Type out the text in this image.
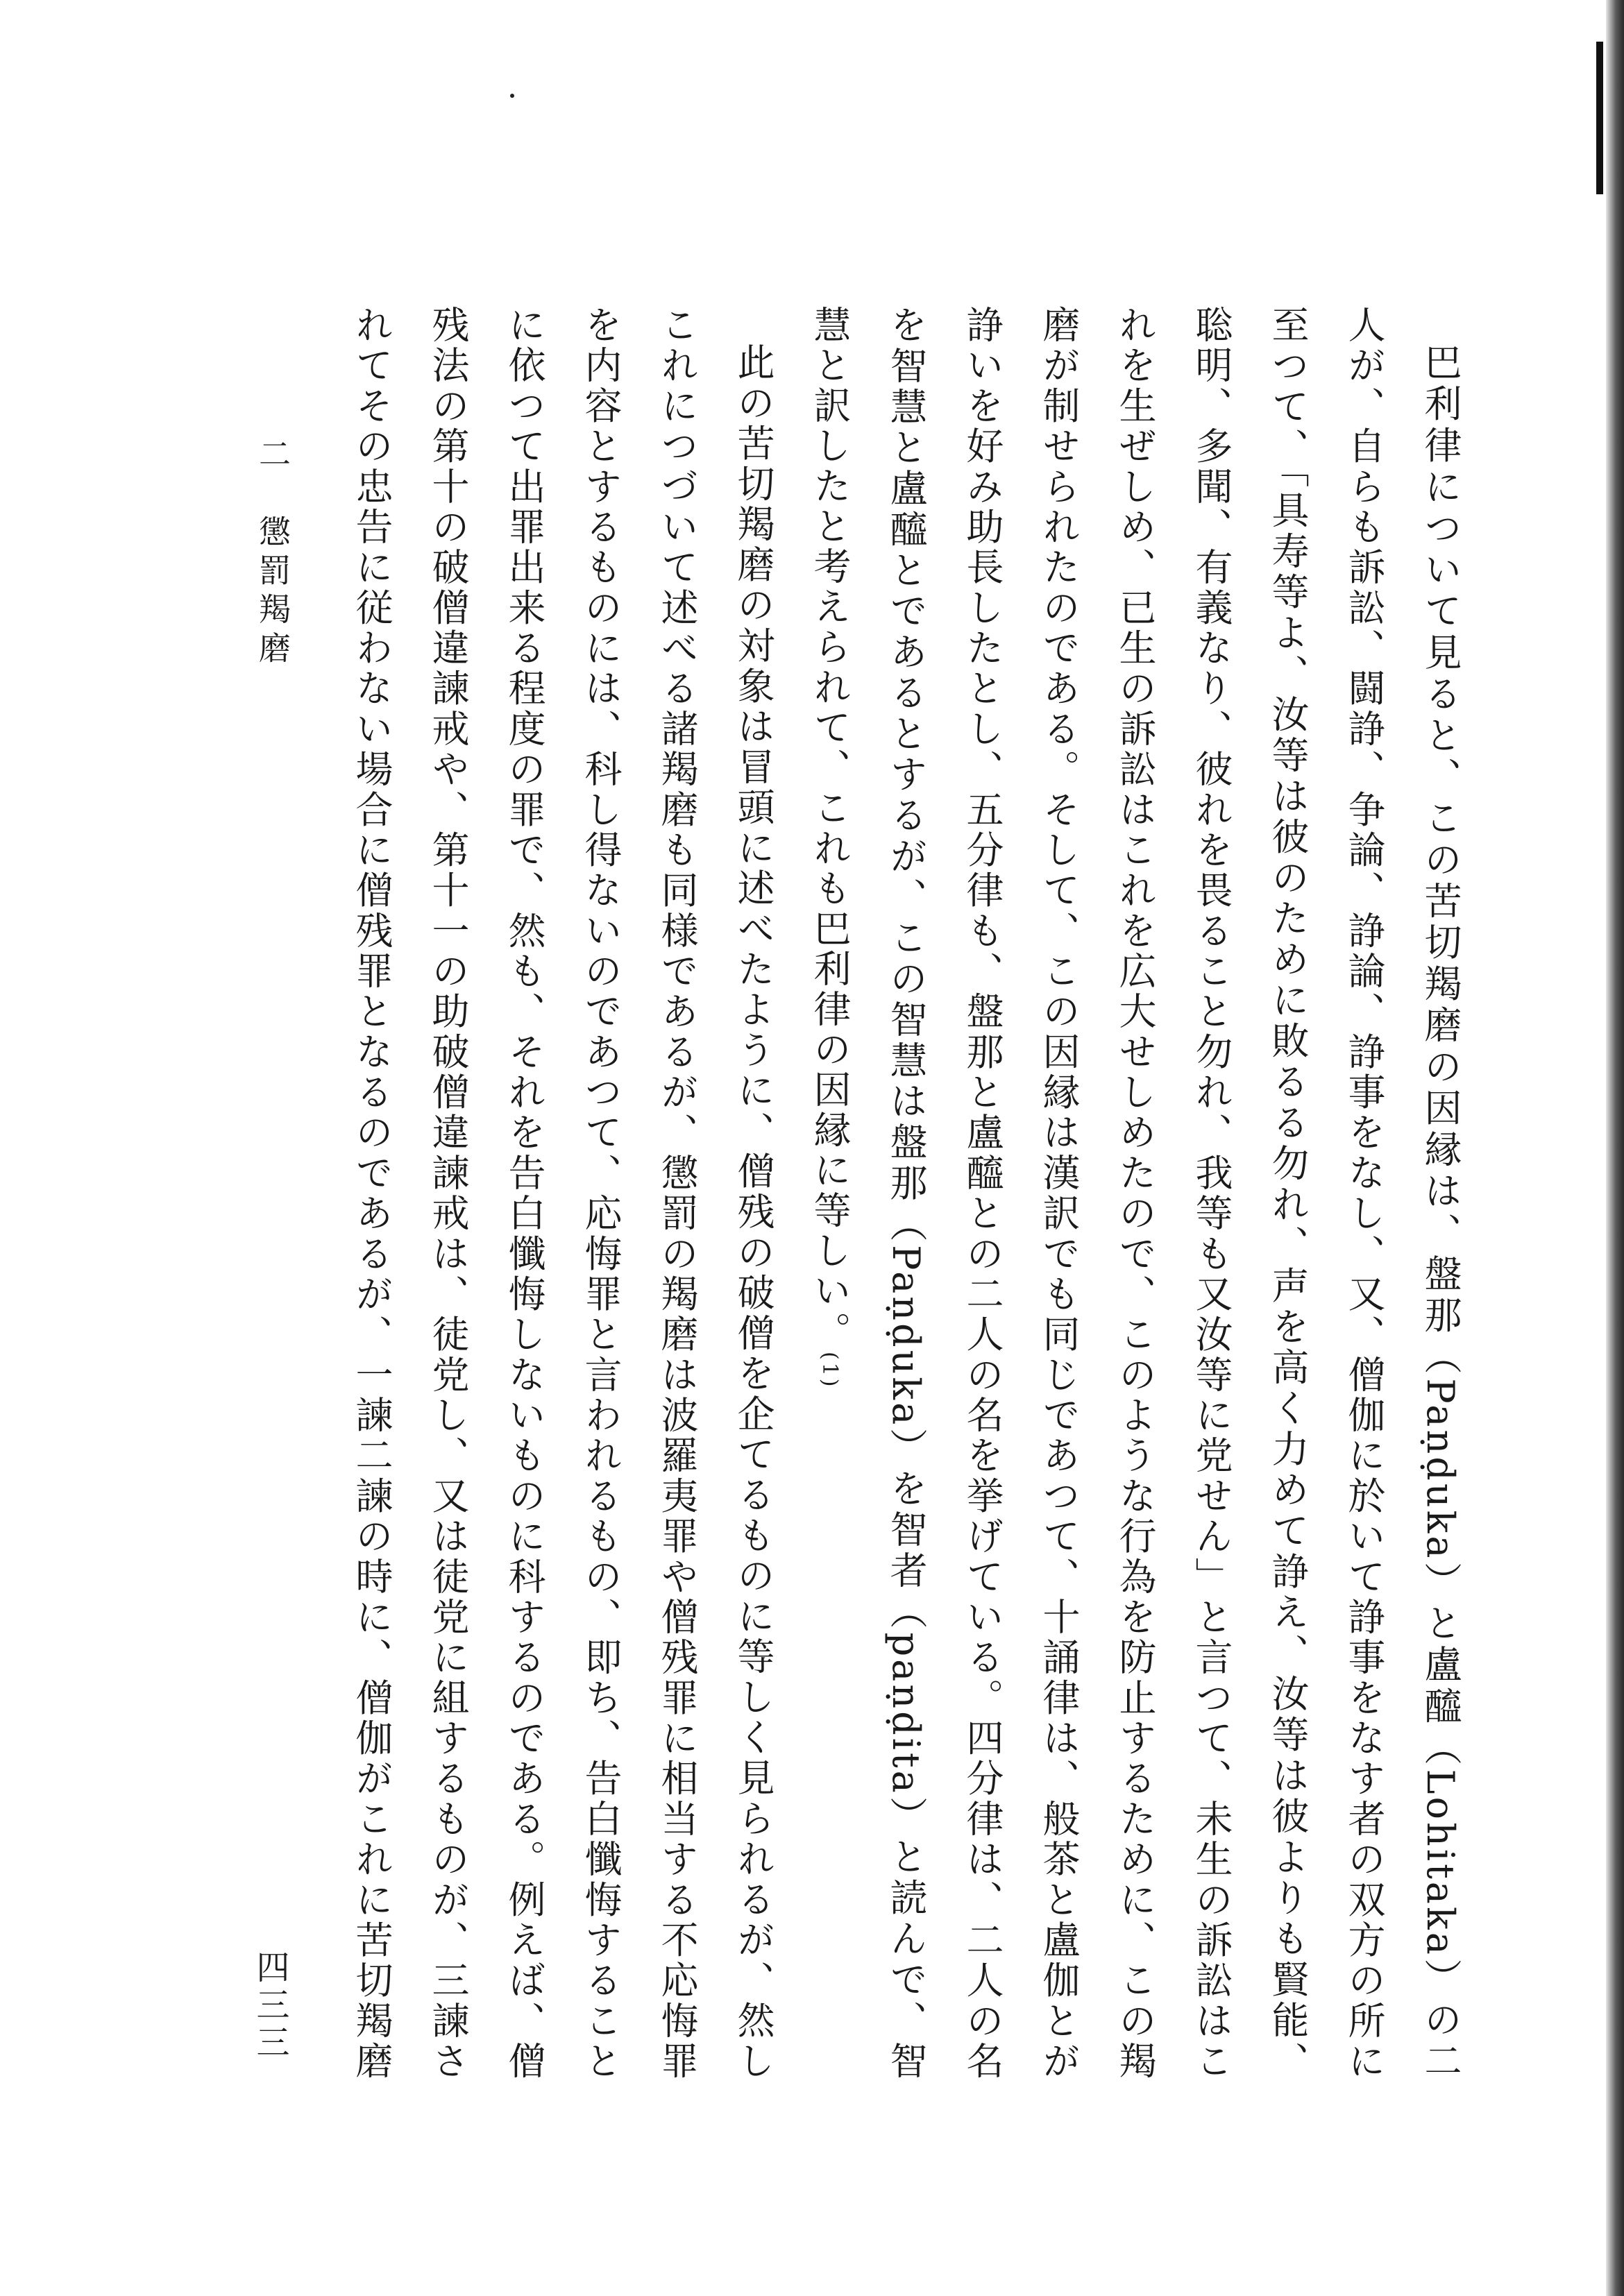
巴利律について見ると、この苦切羯磨の因縁は、盤那（Paṇḍuka）と盧醯（Lohitaka）の二人が、自らも訴訟、闘諍、争論、諍論、諍事をなし、又、僧伽に於いて諍事をなす者の双方の所に至つて、「具寿等よ、汝等は彼のために敗るる勿れ、声を高く力めて諍え、汝等は彼よりも賢能、聡明、多聞、有義なり、彼れを畏ること勿れ、我等も又汝等に党せん」と言つて、未生の訴訟はこれを生ぜしめ、已生の訴訟はこれを広大せしめたので、このような行為を防止するために、この羯磨が制せられたのである。そして、この因縁は漢訳でも同じであつて、十誦律は、般茶と盧伽とが諍いを好み助長したとし、五分律も、盤那と盧醯との二人の名を挙げている。四分律は、二人の名を智慧と盧醯とであるとするが、この智慧は盤那（Paṇḍuka）を智者（paṇḍita）と読んで、智慧と訳したと考えられて、これも巴利律の因縁に等しい。(1)

此の苦切羯磨の対象は冒頭に述べたように、僧残の破僧を企てるものに等しく見られるが、然しこれにつづいて述べる諸羯磨も同様であるが、懲罰の羯磨は波羅夷罪や僧残罪に相当する不応悔罪を内容とするものには、科し得ないのであつて、応悔罪と言われるもの、即ち、告白懺悔することに依つて出罪出来る程度の罪で、然も、それを告白懺悔しないものに科するのである。例えば、僧残法の第十の破僧違諫戒や、第十一の助破僧違諫戒は、徒党し、又は徒党に組するものが、三諫されてその忠告に従わない場合に僧残罪となるのであるが、一諫二諫の時に、僧伽がこれに苦切羯磨

二　懲罰羯磨
四三三
